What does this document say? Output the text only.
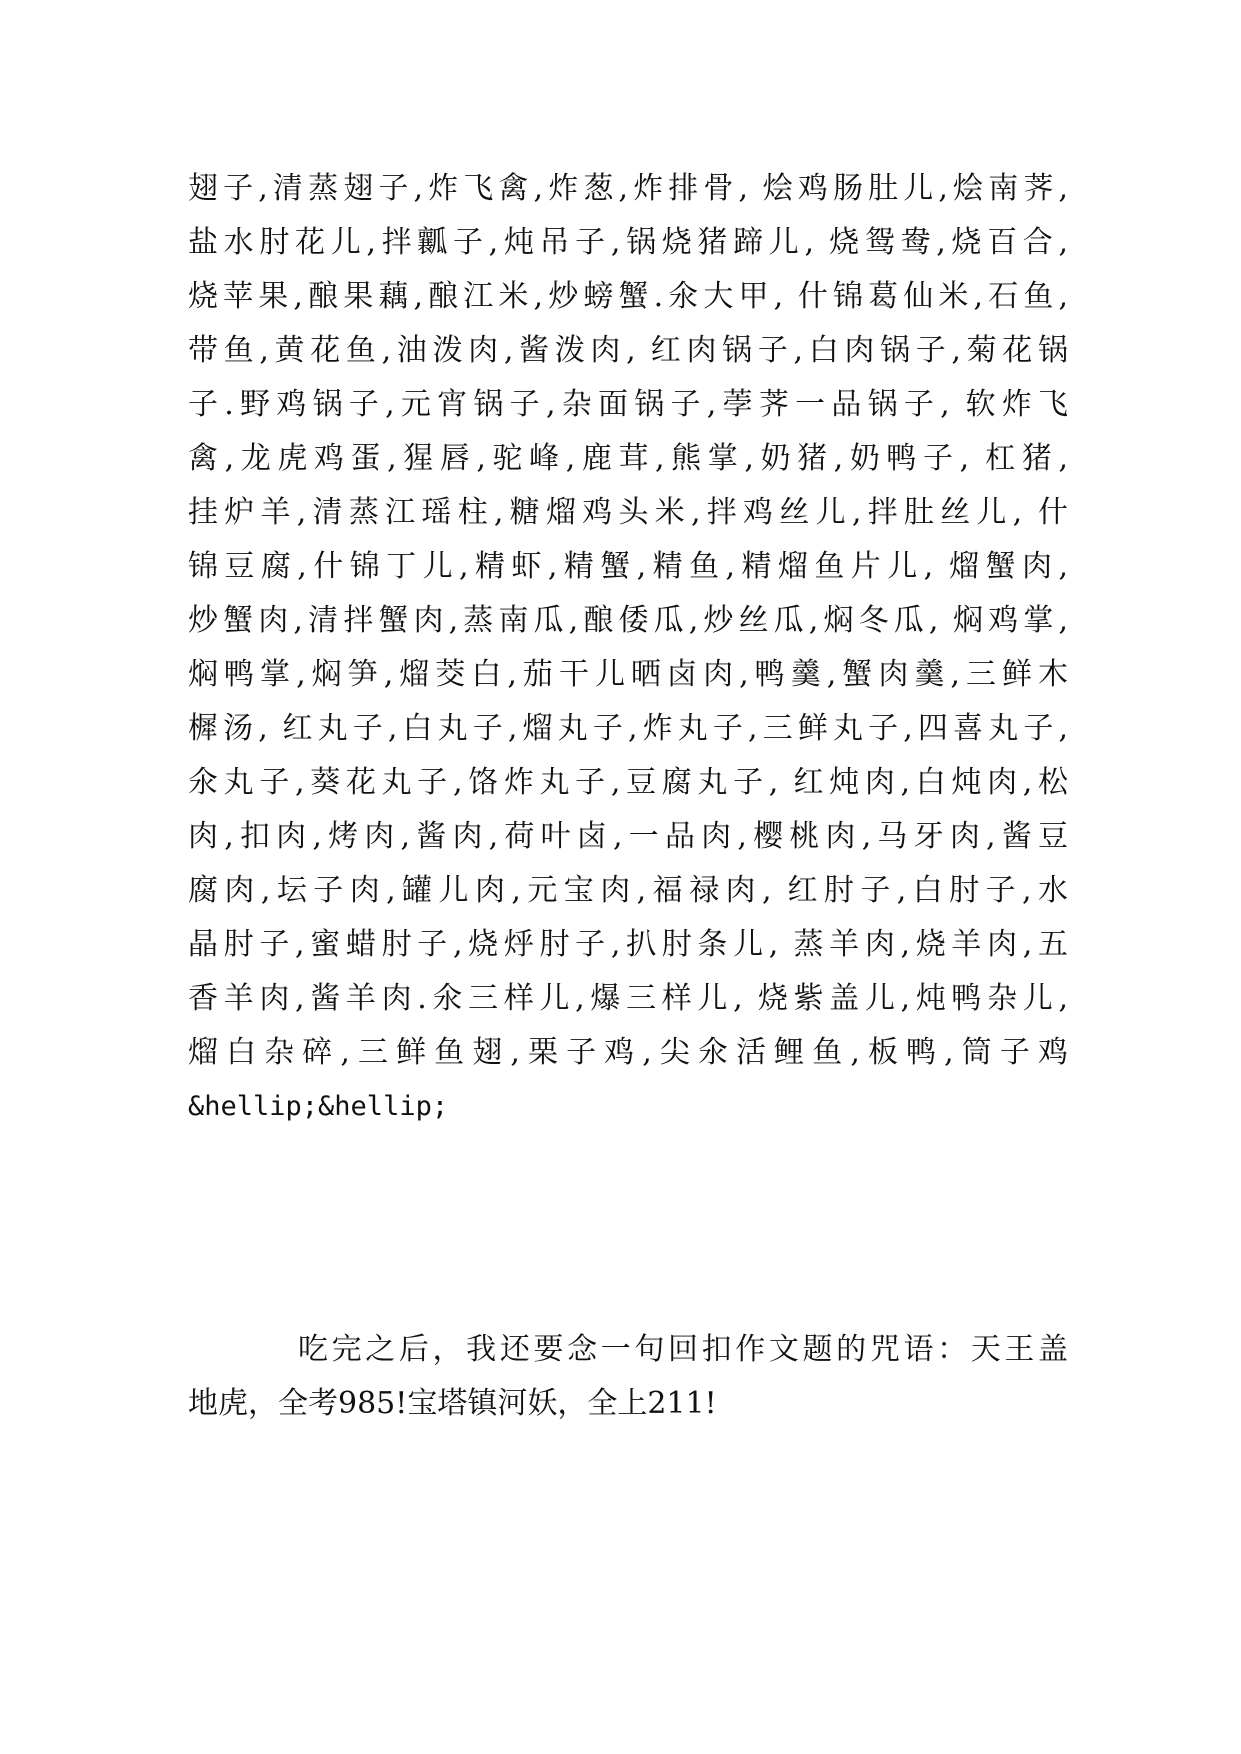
翅子,清蒸翅子,炸飞禽,炸葱,炸排骨, 烩鸡肠肚儿,烩南荠,
盐水肘花儿,拌瓤子,炖吊子,锅烧猪蹄儿, 烧鸳鸯,烧百合,
烧苹果,酿果藕,酿江米,炒螃蟹.氽大甲, 什锦葛仙米,石鱼,
带鱼,黄花鱼,油泼肉,酱泼肉, 红肉锅子,白肉锅子,菊花锅
子.野鸡锅子,元宵锅子,杂面锅子,荸荠一品锅子, 软炸飞
禽,龙虎鸡蛋,猩唇,驼峰,鹿茸,熊掌,奶猪,奶鸭子, 杠猪,
挂炉羊,清蒸江瑶柱,糖熘鸡头米,拌鸡丝儿,拌肚丝儿, 什
锦豆腐,什锦丁儿,精虾,精蟹,精鱼,精熘鱼片儿, 熘蟹肉,
炒蟹肉,清拌蟹肉,蒸南瓜,酿倭瓜,炒丝瓜,焖冬瓜, 焖鸡掌,
焖鸭掌,焖笋,熘茭白,茄干儿晒卤肉,鸭羹,蟹肉羹,三鲜木
樨汤, 红丸子,白丸子,熘丸子,炸丸子,三鲜丸子,四喜丸子,
氽丸子,葵花丸子,饹炸丸子,豆腐丸子, 红炖肉,白炖肉,松
肉,扣肉,烤肉,酱肉,荷叶卤,一品肉,樱桃肉,马牙肉,酱豆
腐肉,坛子肉,罐儿肉,元宝肉,福禄肉, 红肘子,白肘子,水
晶肘子,蜜蜡肘子,烧烀肘子,扒肘条儿, 蒸羊肉,烧羊肉,五
香羊肉,酱羊肉.氽三样儿,爆三样儿, 烧紫盖儿,炖鸭杂儿,
熘白杂碎,三鲜鱼翅,栗子鸡,尖氽活鲤鱼,板鸭,筒子鸡
&hellip;&hellip;
吃完之后，我还要念一句回扣作文题的咒语：天王盖
地虎，全考985!宝塔镇河妖，全上211!
